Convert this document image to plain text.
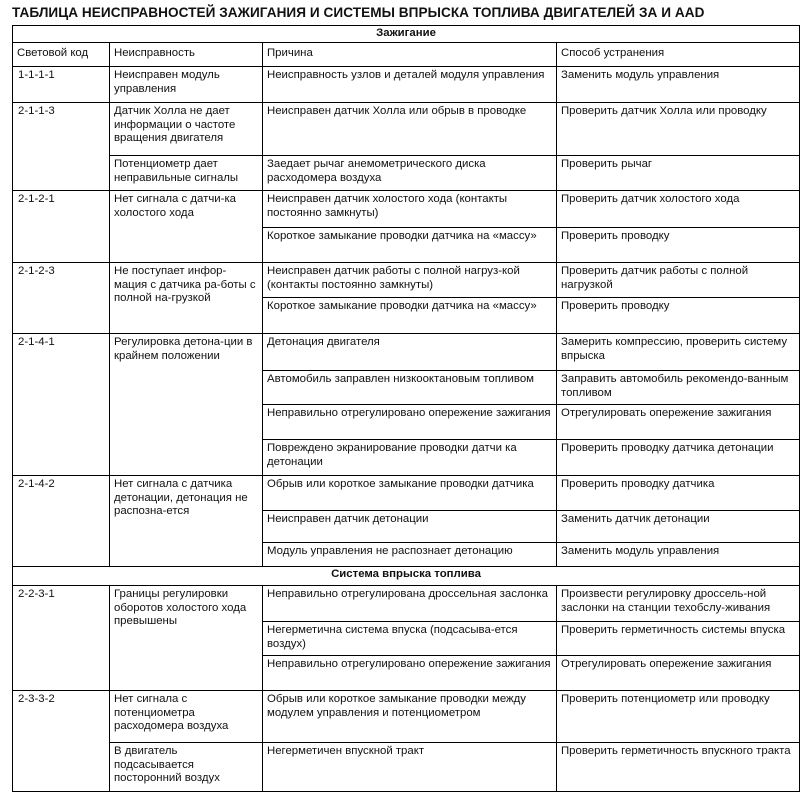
ТАБЛИЦА НЕИСПРАВНОСТЕЙ ЗАЖИГАНИЯ И СИСТЕМЫ ВПРЫСКА ТОПЛИВА ДВИГАТЕЛЕЙ ЗА И AAD
Зажигание			
Световой код	Неисправность	Причина	Способ устранения
1-1-1-1	Неисправен модуль управления	Неисправность узлов и деталей модуля управления	Заменить модуль управления
2-1-1-3	Датчик Холла не дает информации о частоте вращения двигателя	Неисправен датчик Холла или обрыв в проводке	Проверить датчик Холла или проводку
	Потенциометр дает неправильные сигналы	Заедает рычаг анемометрического диска расходомера воздуха	Проверить рычаг
2-1-2-1	Нет сигнала с датчи-ка холостого хода	Неисправен датчик холостого хода (контакты постоянно замкнуты)	Проверить датчик холостого хода
		Короткое замыкание проводки датчика на «массу»	Проверить проводку
2-1-2-3	Не поступает инфор-мация с датчика ра-боты с полной на-грузкой	Неисправен датчик работы с полной нагруз-кой (контакты постоянно замкнуты)	Проверить датчик работы с полной нагрузкой
		Короткое замыкание проводки датчика на «массу»	Проверить проводку
2-1-4-1	Регулировка детона-ции в крайнем положении	Детонация двигателя	Замерить компрессию, проверить систему впрыска
		Автомобиль заправлен низкооктановым топливом	Заправить автомобиль рекомендо-ванным топливом
		Неправильно отрегулировано опережение зажигания	Отрегулировать опережение зажигания
		Повреждено экранирование проводки датчи ка детонации	Проверить проводку датчика детонации
2-1-4-2	Нет сигнала с датчика детонации, детонация не распозна-ется	Обрыв или короткое замыкание проводки датчика	Проверить проводку датчика
		Неисправен датчик детонации	Заменить датчик детонации
		Модуль управления не распознает детонацию	Заменить модуль управления
Система впрыска топлива			
2-2-3-1	Границы регулировки оборотов холостого хода превышены	Неправильно отрегулирована дроссельная заслонка	Произвести регулировку дроссель-ной заслонки на станции техобслу-живания
		Негерметична система впуска (подсасыва-ется воздух)	Проверить герметичность системы впуска
		Неправильно отрегулировано опережение зажигания	Отрегулировать опережение зажигания
2-3-3-2	Нет сигнала с потенциометра расходомера воздуха	Обрыв или короткое замыкание проводки между модулем управления и потенциометром	Проверить потенциометр или проводку
	В двигатель подсасывается посторонний воздух	Негерметичен впускной тракт	Проверить герметичность впускного тракта
